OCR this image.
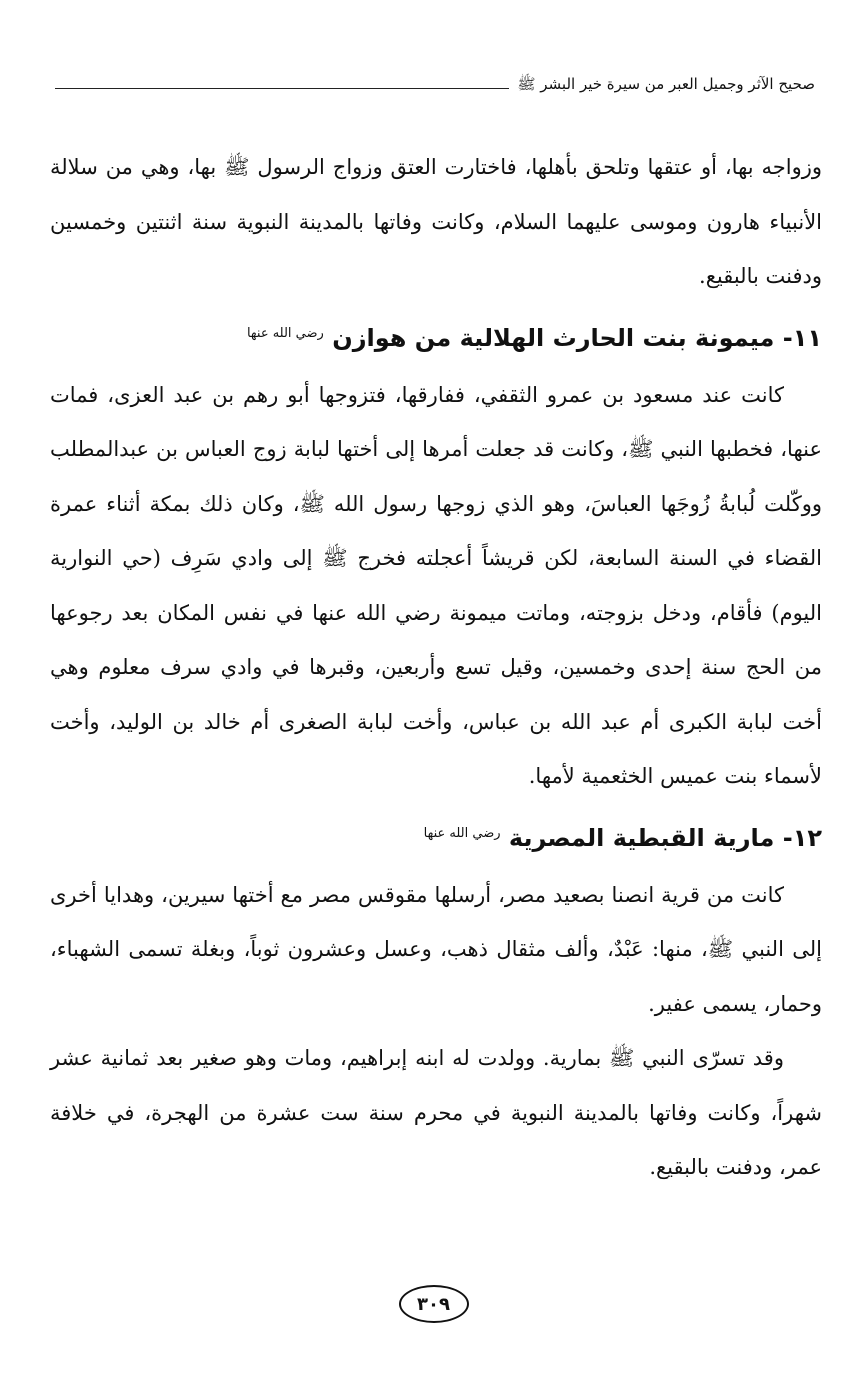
صحيح الآثر وجميل العبر من سيرة خير البشر ﷺ

وزواجه بها، أو عتقها وتلحق بأهلها، فاختارت العتق وزواج الرسول ﷺ بها، وهي من سلالة الأنبياء هارون وموسى عليهما السلام، وكانت وفاتها بالمدينة النبوية سنة اثنتين وخمسين ودفنت بالبقيع.

١١- ميمونة بنت الحارث الهلالية من هوازن $^{رضي الله عنها}$

كانت عند مسعود بن عمرو الثقفي، ففارقها، فتزوجها أبو رهم بن عبد العزى، فمات عنها، فخطبها النبي ﷺ، وكانت قد جعلت أمرها إلى أختها لبابة زوج العباس بن عبدالمطلب ووكّلت لُبابةُ زُوجَها العباسَ، وهو الذي زوجها رسول الله ﷺ، وكان ذلك بمكة أثناء عمرة القضاء في السنة السابعة، لكن قريشاً أعجلته فخرج ﷺ إلى وادي سَرِف (حي النوارية اليوم) فأقام، ودخل بزوجته، وماتت ميمونة رضي الله عنها في نفس المكان بعد رجوعها من الحج سنة إحدى وخمسين، وقيل تسع وأربعين، وقبرها في وادي سرف معلوم وهي أخت لبابة الكبرى أم عبد الله بن عباس، وأخت لبابة الصغرى أم خالد بن الوليد، وأخت لأسماء بنت عميس الخثعمية لأمها.

١٢- مارية القبطية المصرية $^{رضي الله عنها}$

كانت من قرية انصنا بصعيد مصر، أرسلها مقوقس مصر مع أختها سيرين، وهدايا أخرى إلى النبي ﷺ، منها: عَبْدٌ، وألف مثقال ذهب، وعسل وعشرون ثوباً، وبغلة تسمى الشهباء، وحمار، يسمى عفير.

وقد تسرّى النبي ﷺ بمارية. وولدت له ابنه إبراهيم، ومات وهو صغير بعد ثمانية عشر شهراً، وكانت وفاتها بالمدينة النبوية في محرم سنة ست عشرة من الهجرة، في خلافة عمر، ودفنت بالبقيع.

٣٠٩
